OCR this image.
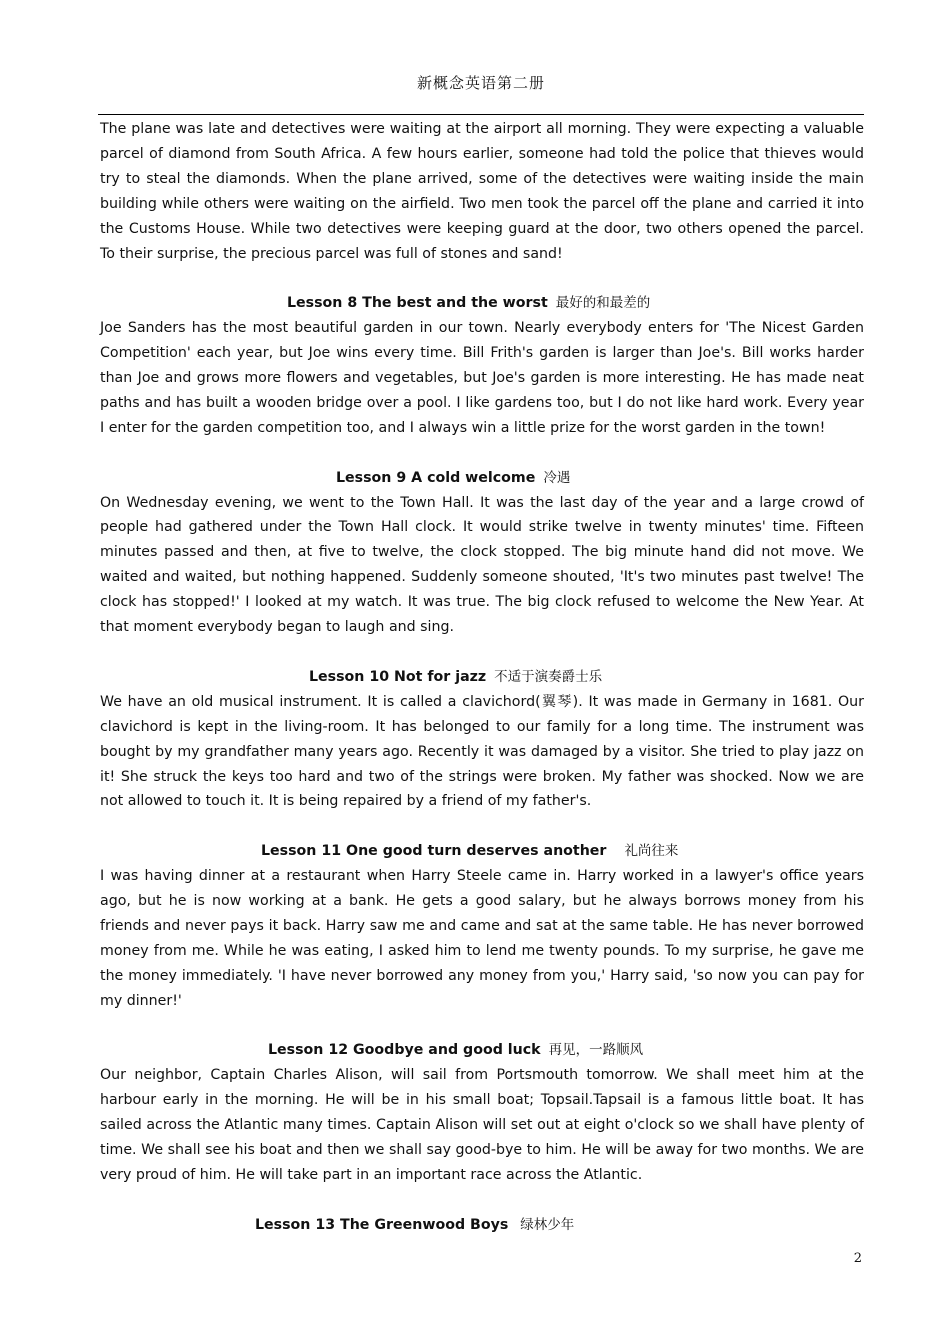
新概念英语第二册

The plane was late and detectives were waiting at the airport all morning. They were expecting a valuable parcel of diamond from South Africa. A few hours earlier, someone had told the police that thieves would try to steal the diamonds. When the plane arrived, some of the detectives were waiting inside the main building while others were waiting on the airfield. Two men took the parcel off the plane and carried it into the Customs House. While two detectives were keeping guard at the door, two others opened the parcel. To their surprise, the precious parcel was full of stones and sand!

Lesson 8 The best and the worst 最好的和最差的

Joe Sanders has the most beautiful garden in our town. Nearly everybody enters for 'The Nicest Garden Competition' each year, but Joe wins every time. Bill Frith's garden is larger than Joe's. Bill works harder than Joe and grows more flowers and vegetables, but Joe's garden is more interesting. He has made neat paths and has built a wooden bridge over a pool. I like gardens too, but I do not like hard work. Every year I enter for the garden competition too, and I always win a little prize for the worst garden in the town!

Lesson 9 A cold welcome 冷遇

On Wednesday evening, we went to the Town Hall. It was the last day of the year and a large crowd of people had gathered under the Town Hall clock. It would strike twelve in twenty minutes' time. Fifteen minutes passed and then, at five to twelve, the clock stopped. The big minute hand did not move. We waited and waited, but nothing happened. Suddenly someone shouted, 'It's two minutes past twelve! The clock has stopped!' I looked at my watch. It was true. The big clock refused to welcome the New Year. At that moment everybody began to laugh and sing.

Lesson 10 Not for jazz 不适于演奏爵士乐

We have an old musical instrument. It is called a clavichord(翼琴). It was made in Germany in 1681. Our clavichord is kept in the living-room. It has belonged to our family for a long time. The instrument was bought by my grandfather many years ago. Recently it was damaged by a visitor. She tried to play jazz on it! She struck the keys too hard and two of the strings were broken. My father was shocked. Now we are not allowed to touch it. It is being repaired by a friend of my father's.

Lesson 11 One good turn deserves another 礼尚往来

I was having dinner at a restaurant when Harry Steele came in. Harry worked in a lawyer's office years ago, but he is now working at a bank. He gets a good salary, but he always borrows money from his friends and never pays it back. Harry saw me and came and sat at the same table. He has never borrowed money from me. While he was eating, I asked him to lend me twenty pounds. To my surprise, he gave me the money immediately. 'I have never borrowed any money from you,' Harry said, 'so now you can pay for my dinner!'

Lesson 12 Goodbye and good luck 再见，一路顺风

Our neighbor, Captain Charles Alison, will sail from Portsmouth tomorrow. We shall meet him at the harbour early in the morning. He will be in his small boat; Topsail.Tapsail is a famous little boat. It has sailed across the Atlantic many times. Captain Alison will set out at eight o'clock so we shall have plenty of time. We shall see his boat and then we shall say good-bye to him. He will be away for two months. We are very proud of him. He will take part in an important race across the Atlantic.

Lesson 13 The Greenwood Boys 绿林少年
2
